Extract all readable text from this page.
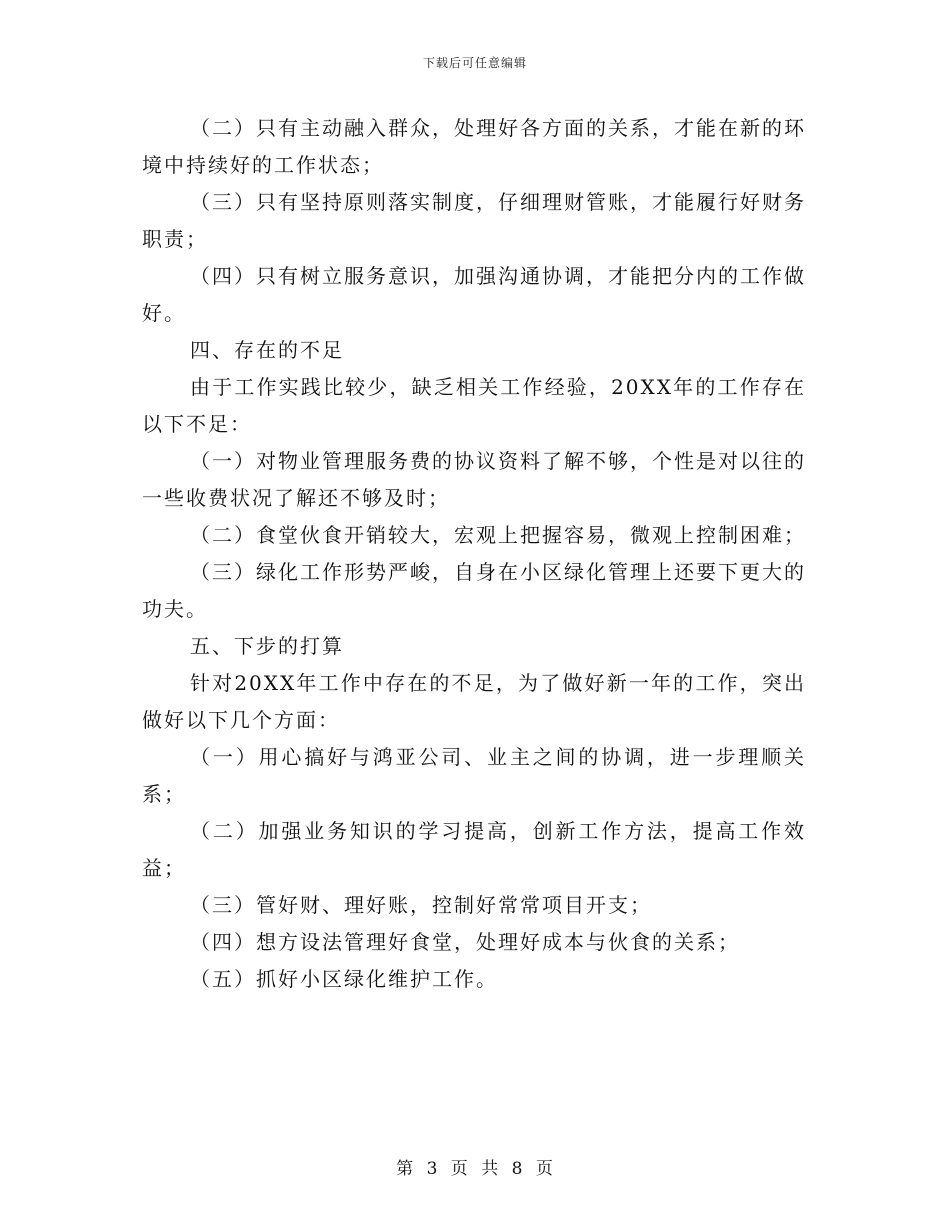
下载后可任意编辑

（二）只有主动融入群众，处理好各方面的关系，才能在新的环境中持续好的工作状态；

（三）只有坚持原则落实制度，仔细理财管账，才能履行好财务职责；

（四）只有树立服务意识，加强沟通协调，才能把分内的工作做好。

四、存在的不足

由于工作实践比较少，缺乏相关工作经验，20XX年的工作存在以下不足：

（一）对物业管理服务费的协议资料了解不够，个性是对以往的一些收费状况了解还不够及时；

（二）食堂伙食开销较大，宏观上把握容易，微观上控制困难；

（三）绿化工作形势严峻，自身在小区绿化管理上还要下更大的功夫。

五、下步的打算

针对20XX年工作中存在的不足，为了做好新一年的工作，突出做好以下几个方面：

（一）用心搞好与鸿亚公司、业主之间的协调，进一步理顺关系；

（二）加强业务知识的学习提高，创新工作方法，提高工作效益；

（三）管好财、理好账，控制好常常项目开支；

（四）想方设法管理好食堂，处理好成本与伙食的关系；

（五）抓好小区绿化维护工作。

第 3 页 共 8 页
